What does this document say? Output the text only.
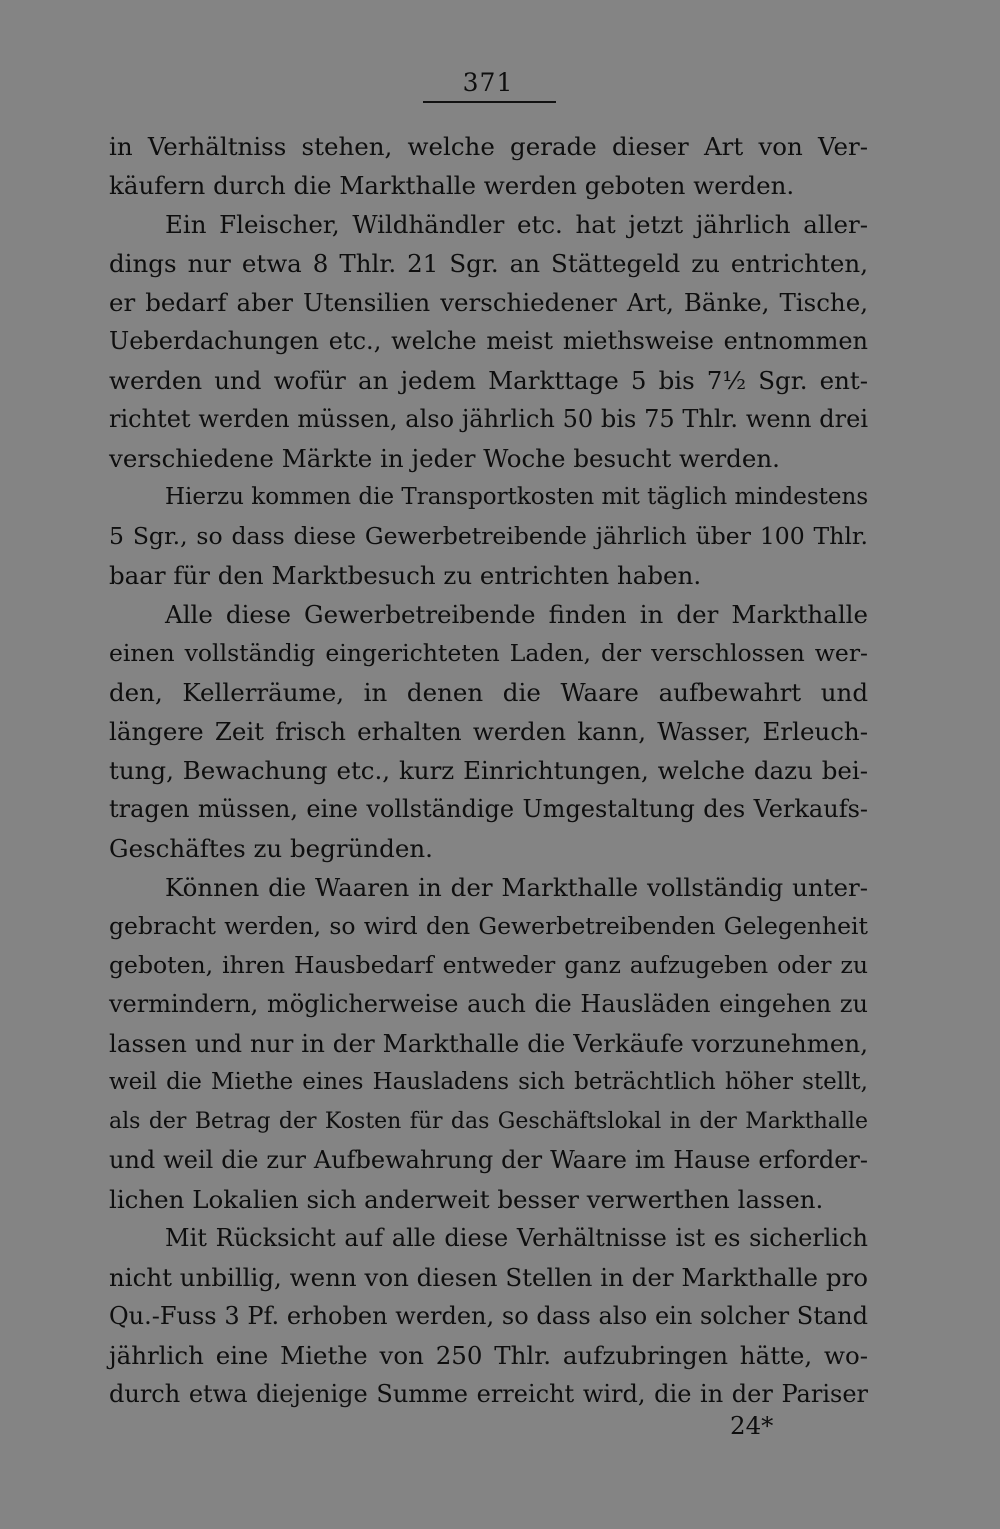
371
in Verhältniss stehen, welche gerade dieser Art von Ver-
käufern durch die Markthalle werden geboten werden.
Ein Fleischer, Wildhändler etc. hat jetzt jährlich aller-
dings nur etwa 8 Thlr. 21 Sgr. an Stättegeld zu entrichten,
er bedarf aber Utensilien verschiedener Art, Bänke, Tische,
Ueberdachungen etc., welche meist miethsweise entnommen
werden und wofür an jedem Markttage 5 bis 7½ Sgr. ent-
richtet werden müssen, also jährlich 50 bis 75 Thlr. wenn drei
verschiedene Märkte in jeder Woche besucht werden.
Hierzu kommen die Transportkosten mit täglich mindestens
5 Sgr., so dass diese Gewerbetreibende jährlich über 100 Thlr.
baar für den Marktbesuch zu entrichten haben.
Alle diese Gewerbetreibende finden in der Markthalle
einen vollständig eingerichteten Laden, der verschlossen wer-
den, Kellerräume, in denen die Waare aufbewahrt und
längere Zeit frisch erhalten werden kann, Wasser, Erleuch-
tung, Bewachung etc., kurz Einrichtungen, welche dazu bei-
tragen müssen, eine vollständige Umgestaltung des Verkaufs-
Geschäftes zu begründen.
Können die Waaren in der Markthalle vollständig unter-
gebracht werden, so wird den Gewerbetreibenden Gelegenheit
geboten, ihren Hausbedarf entweder ganz aufzugeben oder zu
vermindern, möglicherweise auch die Hausläden eingehen zu
lassen und nur in der Markthalle die Verkäufe vorzunehmen,
weil die Miethe eines Hausladens sich beträchtlich höher stellt,
als der Betrag der Kosten für das Geschäftslokal in der Markthalle
und weil die zur Aufbewahrung der Waare im Hause erforder-
lichen Lokalien sich anderweit besser verwerthen lassen.
Mit Rücksicht auf alle diese Verhältnisse ist es sicherlich
nicht unbillig, wenn von diesen Stellen in der Markthalle pro
Qu.-Fuss 3 Pf. erhoben werden, so dass also ein solcher Stand
jährlich eine Miethe von 250 Thlr. aufzubringen hätte, wo-
durch etwa diejenige Summe erreicht wird, die in der Pariser
24*
